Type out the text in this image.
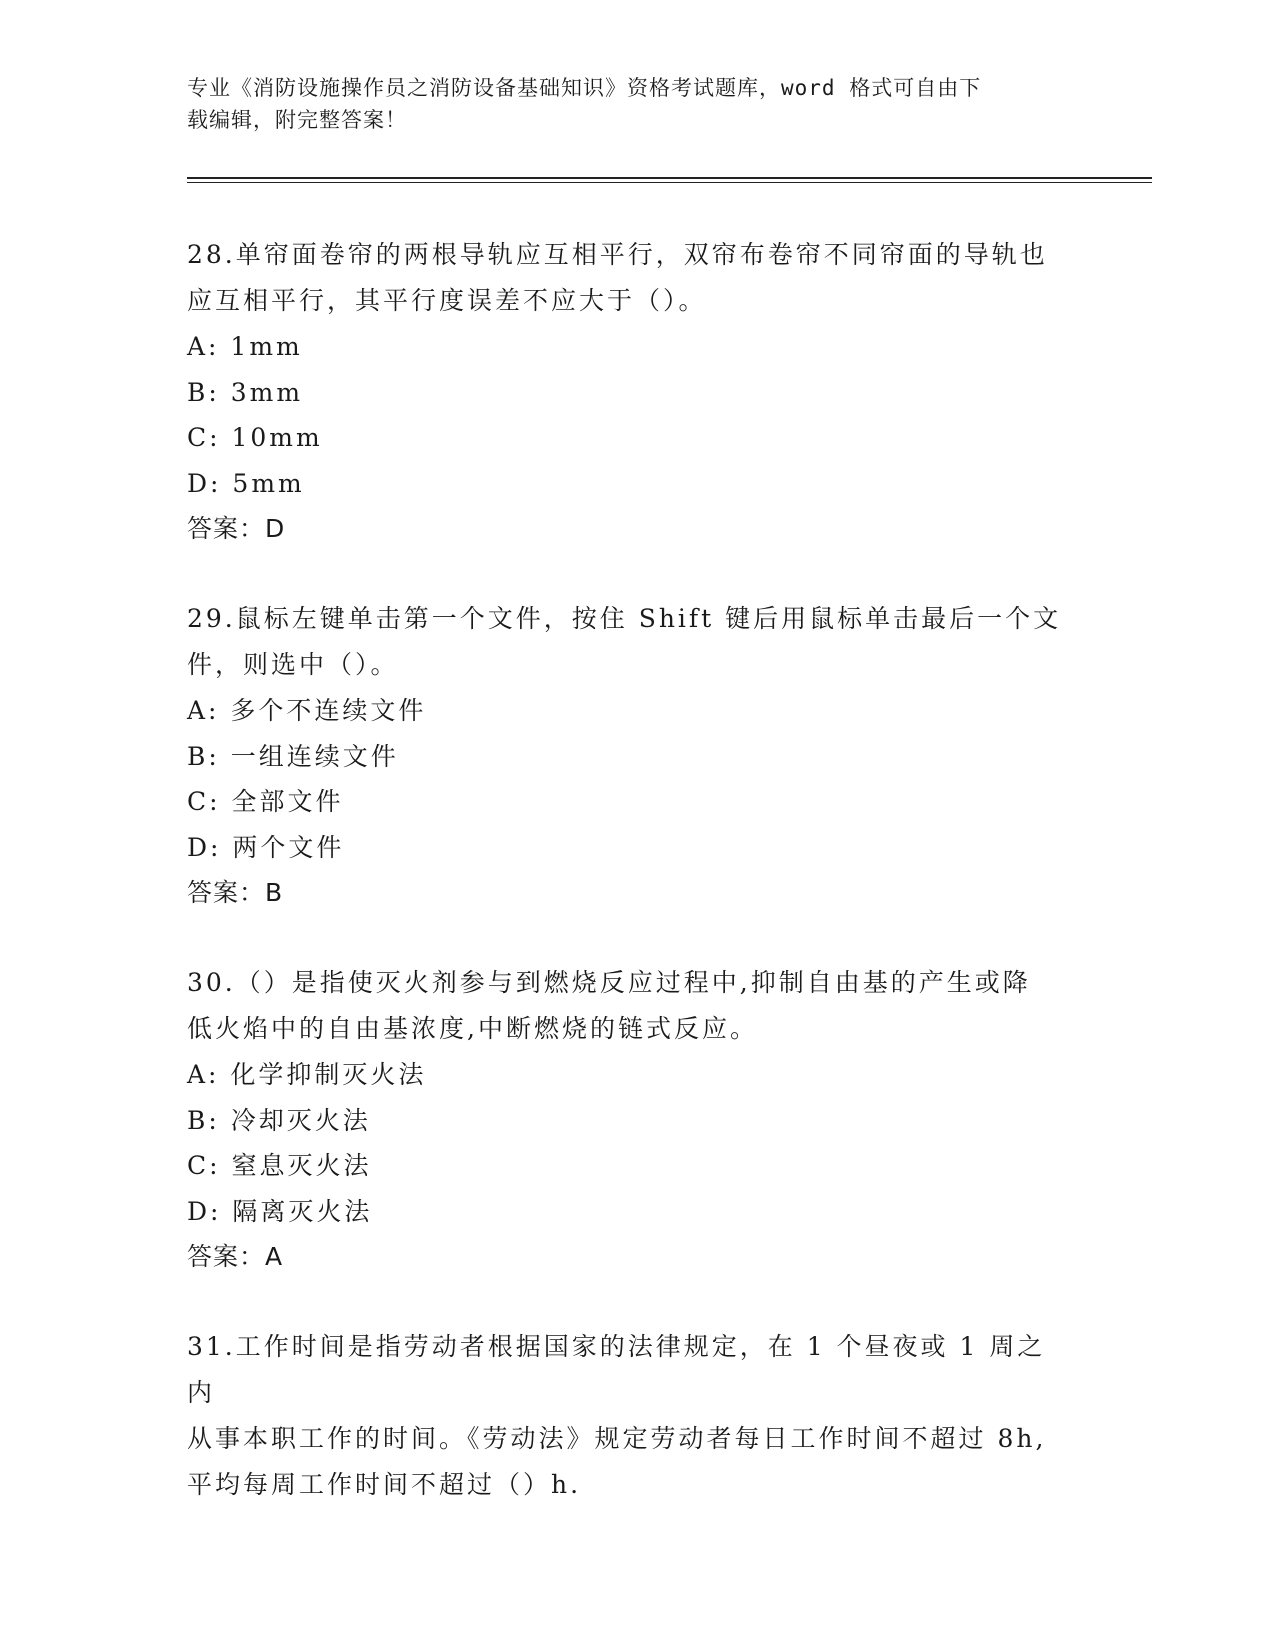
专业《消防设施操作员之消防设备基础知识》资格考试题库，word 格式可自由下
载编辑，附完整答案！

28.单帘面卷帘的两根导轨应互相平行，双帘布卷帘不同帘面的导轨也

应互相平行，其平行度误差不应大于（）。

A: 1mm

B: 3mm

C: 10mm

D: 5mm

答案：D

29.鼠标左键单击第一个文件，按住 Shift 键后用鼠标单击最后一个文

件，则选中（）。

A: 多个不连续文件

B: 一组连续文件

C: 全部文件

D: 两个文件

答案：B

30.（）是指使灭火剂参与到燃烧反应过程中,抑制自由基的产生或降

低火焰中的自由基浓度,中断燃烧的链式反应。

A: 化学抑制灭火法

B: 冷却灭火法

C: 窒息灭火法

D: 隔离灭火法

答案：A

31.工作时间是指劳动者根据国家的法律规定，在 1 个昼夜或 1 周之内

从事本职工作的时间。《劳动法》规定劳动者每日工作时间不超过 8h,

平均每周工作时间不超过（）h.
